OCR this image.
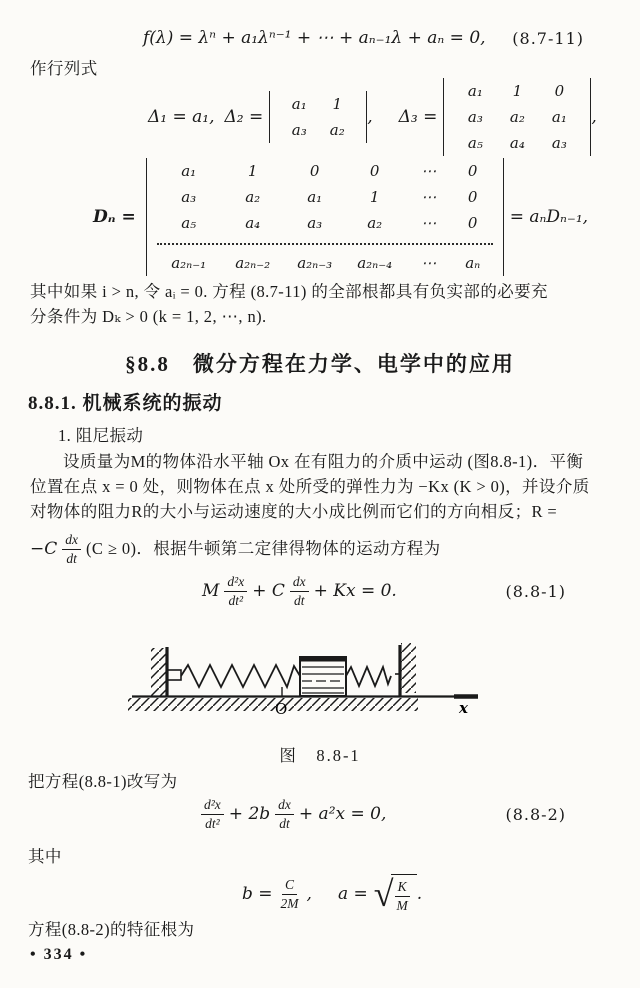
f(λ) = λⁿ + a₁λⁿ⁻¹ + ⋯ + aₙ₋₁λ + aₙ = 0, (8.7-11)
作行列式
Δ₁ = a₁, Δ₂ =
a₁ 1
a₃ a₂
, Δ₃ =
a₁ 1 0
a₃ a₂ a₁
a₅ a₄ a₃
,
Dₙ =
a₁	1	0	0	⋯ 0
a₃	a₂	a₁	1	⋯ 0
a₅	a₄	a₃	a₂	⋯ 0
a₂ₙ₋₁ a₂ₙ₋₂ a₂ₙ₋₃ a₂ₙ₋₄ ⋯ aₙ
= aₙDₙ₋₁,
其中如果 i > n, 令 aᵢ = 0. 方程 (8.7-11) 的全部根都具有负实部的必要充
分条件为 Dₖ > 0 (k = 1, 2, ⋯, n).
§8.8　微分方程在力学、电学中的应用
8.8.1. 机械系统的振动
1. 阻尼振动
设质量为M的物体沿水平轴 Ox 在有阻力的介质中运动 (图8.8-1)．平衡
位置在点 x = 0 处，则物体在点 x 处所受的弹性力为 −Kx (K > 0)，并设介质
对物体的阻力R的大小与运动速度的大小成比例而它们的方向相反；R =
$-C \frac{dx}{dt} (C \ge 0)$．根据牛顿第二定律得物体的运动方程为
M $\frac{\text{d²x}}{\text{dt²}} + C \frac{dx}{dt} + Kx = 0$.	(8.8-1)
O	x
图　8.8-1
把方程(8.8-1)改写为
$\frac{\text{d²x}}{\text{dt²}} + 2b \frac{dx}{dt} + a^2x = 0$,	(8.8-2)
其中
$b = \frac{C}{2M}$ , a = √ $\frac{K}{M}$ .
方程(8.8-2)的特征根为
• 334 •
